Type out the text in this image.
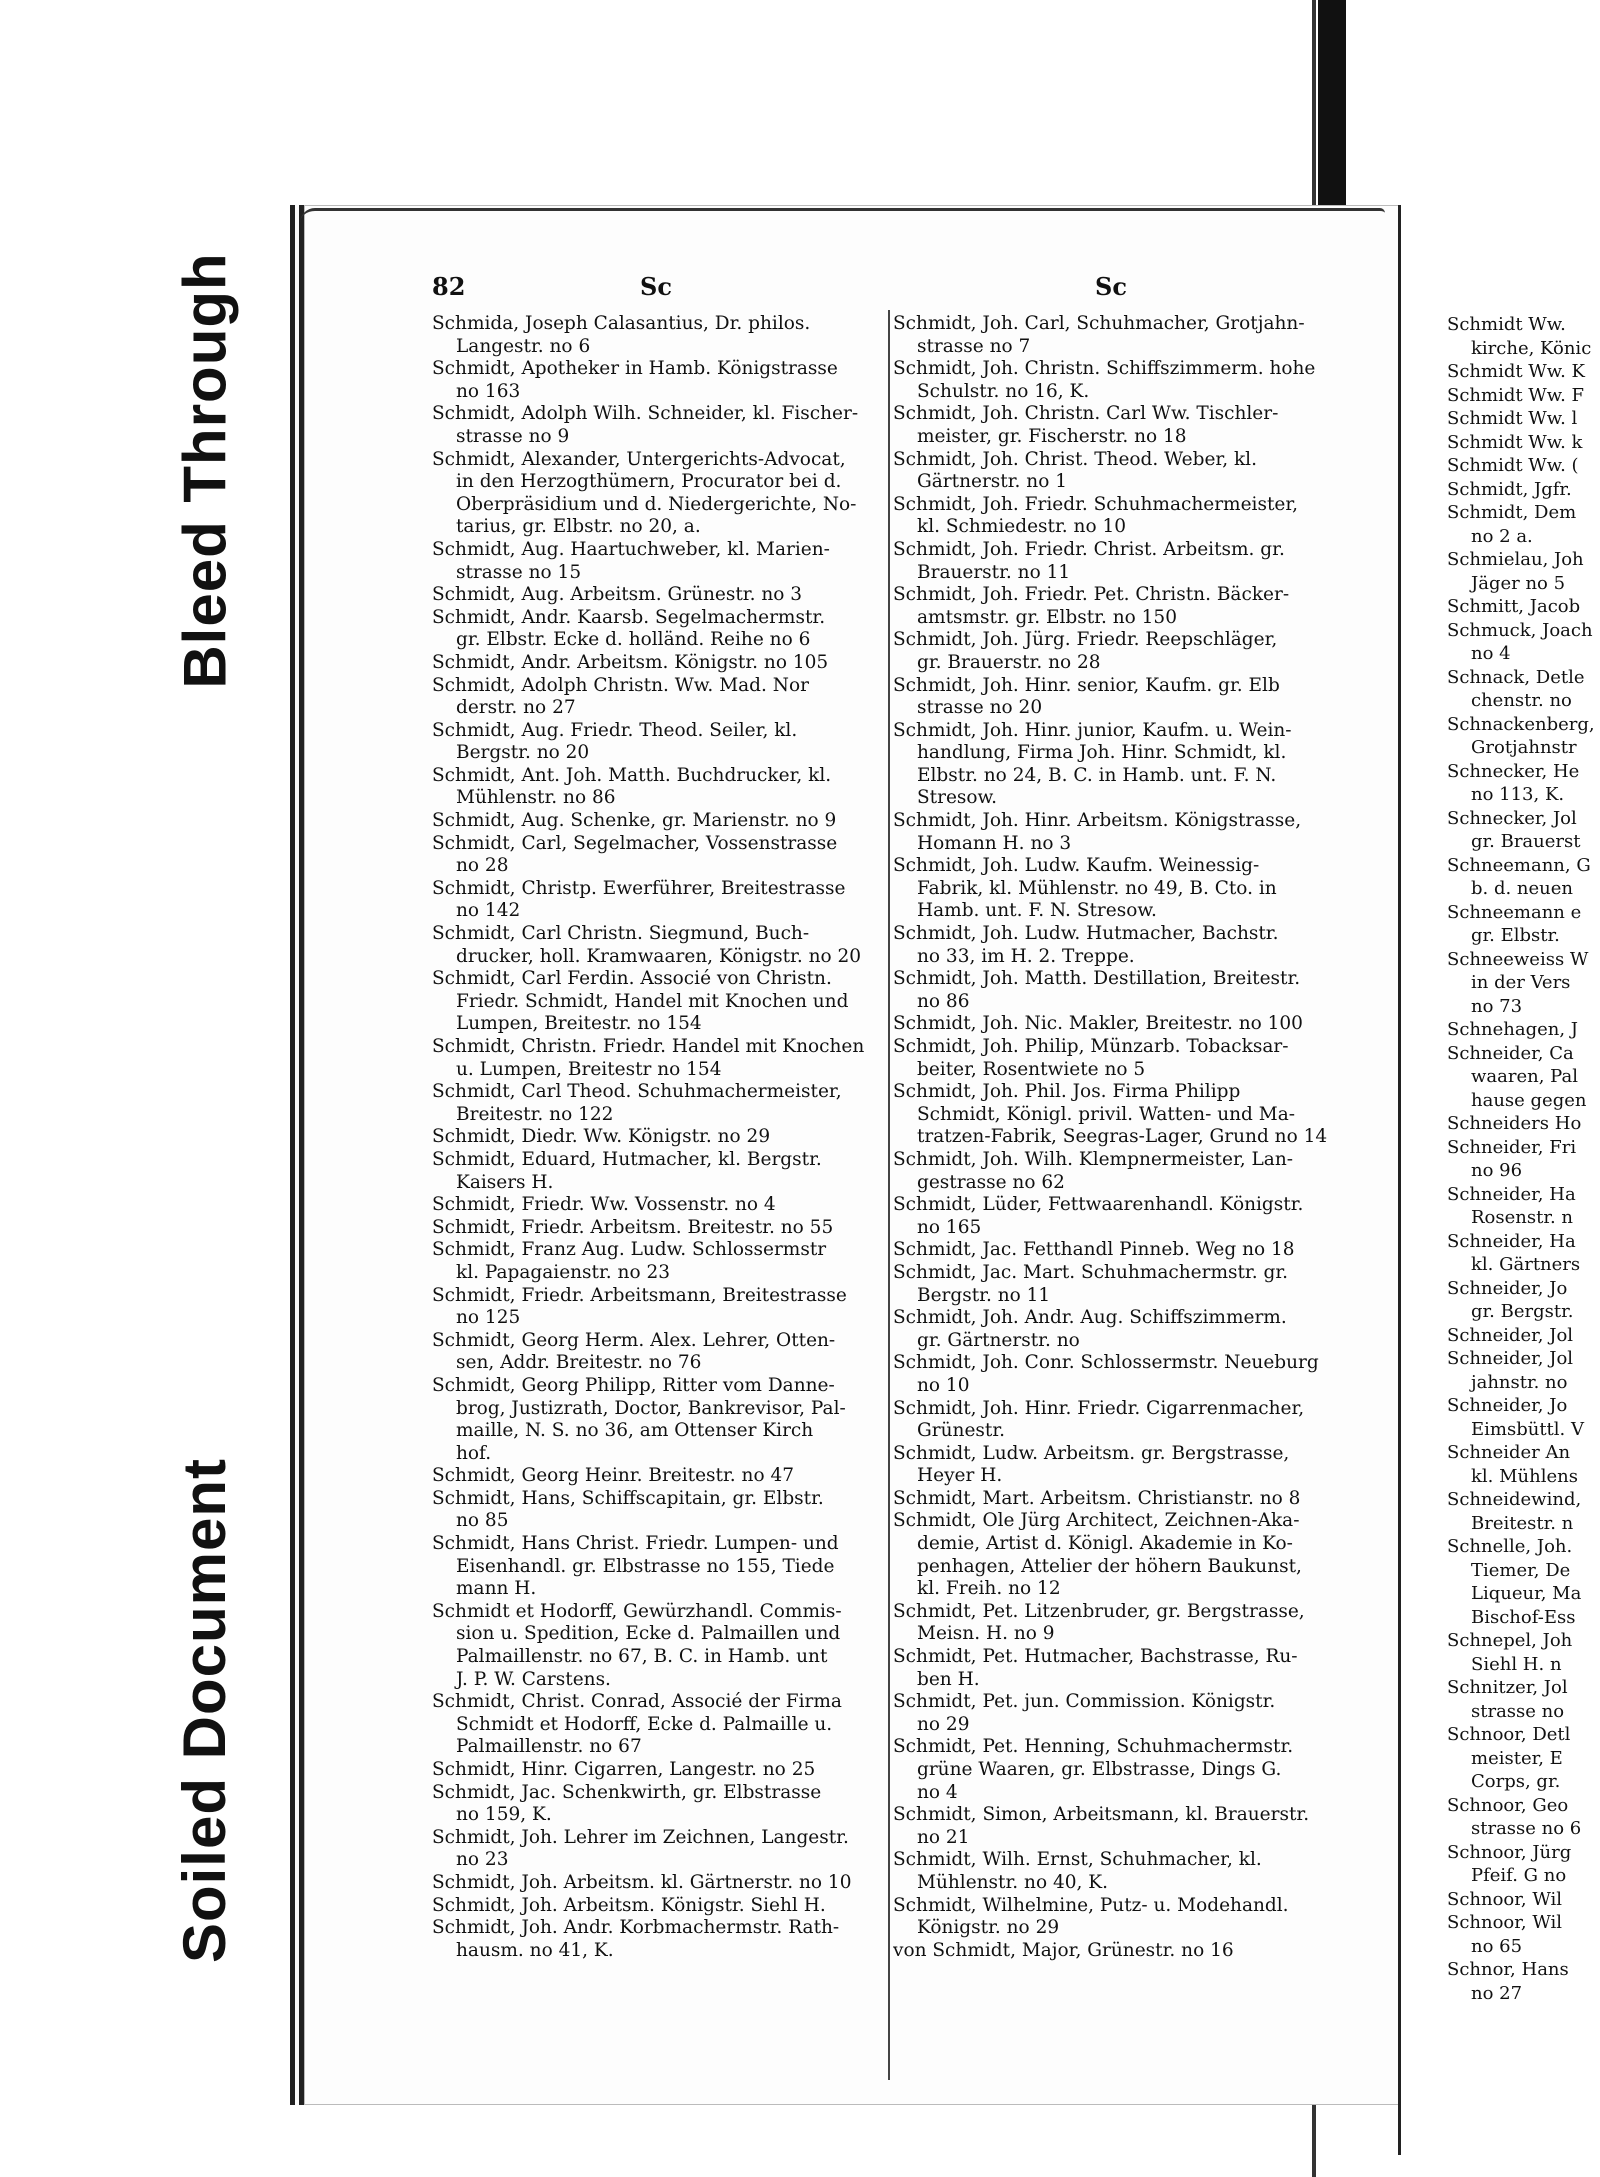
Bleed Through
Soiled Document
82	Sc	Sc
Schmida, Joseph Calasantius, Dr. philos.
Langestr. no 6
Schmidt, Apotheker in Hamb. Königstrasse
no 163
Schmidt, Adolph Wilh. Schneider, kl. Fischer-
strasse no 9
Schmidt, Alexander, Untergerichts-Advocat,
in den Herzogthümern, Procurator bei d.
Oberpräsidium und d. Niedergerichte, No-
tarius, gr. Elbstr. no 20, a.
Schmidt, Aug. Haartuchweber, kl. Marien-
strasse no 15
Schmidt, Aug. Arbeitsm. Grünestr. no 3
Schmidt, Andr. Kaarsb. Segelmachermstr.
gr. Elbstr. Ecke d. holländ. Reihe no 6
Schmidt, Andr. Arbeitsm. Königstr. no 105
Schmidt, Adolph Christn. Ww. Mad. Nor
derstr. no 27
Schmidt, Aug. Friedr. Theod. Seiler, kl.
Bergstr. no 20
Schmidt, Ant. Joh. Matth. Buchdrucker, kl.
Mühlenstr. no 86
Schmidt, Aug. Schenke, gr. Marienstr. no 9
Schmidt, Carl, Segelmacher, Vossenstrasse
no 28
Schmidt, Christp. Ewerführer, Breitestrasse
no 142
Schmidt, Carl Christn. Siegmund, Buch-
drucker, holl. Kramwaaren, Königstr. no 20
Schmidt, Carl Ferdin. Associé von Christn.
Friedr. Schmidt, Handel mit Knochen und
Lumpen, Breitestr. no 154
Schmidt, Christn. Friedr. Handel mit Knochen
u. Lumpen, Breitestr no 154
Schmidt, Carl Theod. Schuhmachermeister,
Breitestr. no 122
Schmidt, Diedr. Ww. Königstr. no 29
Schmidt, Eduard, Hutmacher, kl. Bergstr.
Kaisers H.
Schmidt, Friedr. Ww. Vossenstr. no 4
Schmidt, Friedr. Arbeitsm. Breitestr. no 55
Schmidt, Franz Aug. Ludw. Schlossermstr
kl. Papagaienstr. no 23
Schmidt, Friedr. Arbeitsmann, Breitestrasse
no 125
Schmidt, Georg Herm. Alex. Lehrer, Otten-
sen, Addr. Breitestr. no 76
Schmidt, Georg Philipp, Ritter vom Danne-
brog, Justizrath, Doctor, Bankrevisor, Pal-
maille, N. S. no 36, am Ottenser Kirch
hof.
Schmidt, Georg Heinr. Breitestr. no 47
Schmidt, Hans, Schiffscapitain, gr. Elbstr.
no 85
Schmidt, Hans Christ. Friedr. Lumpen- und
Eisenhandl. gr. Elbstrasse no 155, Tiede
mann H.
Schmidt et Hodorff, Gewürzhandl. Commis-
sion u. Spedition, Ecke d. Palmaillen und
Palmaillenstr. no 67, B. C. in Hamb. unt
J. P. W. Carstens.
Schmidt, Christ. Conrad, Associé der Firma
Schmidt et Hodorff, Ecke d. Palmaille u.
Palmaillenstr. no 67
Schmidt, Hinr. Cigarren, Langestr. no 25
Schmidt, Jac. Schenkwirth, gr. Elbstrasse
no 159, K.
Schmidt, Joh. Lehrer im Zeichnen, Langestr.
no 23
Schmidt, Joh. Arbeitsm. kl. Gärtnerstr. no 10
Schmidt, Joh. Arbeitsm. Königstr. Siehl H.
Schmidt, Joh. Andr. Korbmachermstr. Rath-
hausm. no 41, K.
Schmidt, Joh. Carl, Schuhmacher, Grotjahn-
strasse no 7
Schmidt, Joh. Christn. Schiffszimmerm. hohe
Schulstr. no 16, K.
Schmidt, Joh. Christn. Carl Ww. Tischler-
meister, gr. Fischerstr. no 18
Schmidt, Joh. Christ. Theod. Weber, kl.
Gärtnerstr. no 1
Schmidt, Joh. Friedr. Schuhmachermeister,
kl. Schmiedestr. no 10
Schmidt, Joh. Friedr. Christ. Arbeitsm. gr.
Brauerstr. no 11
Schmidt, Joh. Friedr. Pet. Christn. Bäcker-
amtsmstr. gr. Elbstr. no 150
Schmidt, Joh. Jürg. Friedr. Reepschläger,
gr. Brauerstr. no 28
Schmidt, Joh. Hinr. senior, Kaufm. gr. Elb
strasse no 20
Schmidt, Joh. Hinr. junior, Kaufm. u. Wein-
handlung, Firma Joh. Hinr. Schmidt, kl.
Elbstr. no 24, B. C. in Hamb. unt. F. N.
Stresow.
Schmidt, Joh. Hinr. Arbeitsm. Königstrasse,
Homann H. no 3
Schmidt, Joh. Ludw. Kaufm. Weinessig-
Fabrik, kl. Mühlenstr. no 49, B. Cto. in
Hamb. unt. F. N. Stresow.
Schmidt, Joh. Ludw. Hutmacher, Bachstr.
no 33, im H. 2. Treppe.
Schmidt, Joh. Matth. Destillation, Breitestr.
no 86
Schmidt, Joh. Nic. Makler, Breitestr. no 100
Schmidt, Joh. Philip, Münzarb. Tobacksar-
beiter, Rosentwiete no 5
Schmidt, Joh. Phil. Jos. Firma Philipp
Schmidt, Königl. privil. Watten- und Ma-
tratzen-Fabrik, Seegras-Lager, Grund no 14
Schmidt, Joh. Wilh. Klempnermeister, Lan-
gestrasse no 62
Schmidt, Lüder, Fettwaarenhandl. Königstr.
no 165
Schmidt, Jac. Fetthandl Pinneb. Weg no 18
Schmidt, Jac. Mart. Schuhmachermstr. gr.
Bergstr. no 11
Schmidt, Joh. Andr. Aug. Schiffszimmerm.
gr. Gärtnerstr. no
Schmidt, Joh. Conr. Schlossermstr. Neueburg
no 10
Schmidt, Joh. Hinr. Friedr. Cigarrenmacher,
Grünestr.
Schmidt, Ludw. Arbeitsm. gr. Bergstrasse,
Heyer H.
Schmidt, Mart. Arbeitsm. Christianstr. no 8
Schmidt, Ole Jürg Architect, Zeichnen-Aka-
demie, Artist d. Königl. Akademie in Ko-
penhagen, Attelier der höhern Baukunst,
kl. Freih. no 12
Schmidt, Pet. Litzenbruder, gr. Bergstrasse,
Meisn. H. no 9
Schmidt, Pet. Hutmacher, Bachstrasse, Ru-
ben H.
Schmidt, Pet. jun. Commission. Königstr.
no 29
Schmidt, Pet. Henning, Schuhmachermstr.
grüne Waaren, gr. Elbstrasse, Dings G.
no 4
Schmidt, Simon, Arbeitsmann, kl. Brauerstr.
no 21
Schmidt, Wilh. Ernst, Schuhmacher, kl.
Mühlenstr. no 40, K.
Schmidt, Wilhelmine, Putz- u. Modehandl.
Königstr. no 29
von Schmidt, Major, Grünestr. no 16
Schmidt Ww.
kirche, Könic
Schmidt Ww. K
Schmidt Ww. F
Schmidt Ww. l
Schmidt Ww. k
Schmidt Ww. (
Schmidt, Jgfr.
Schmidt, Dem
no 2 a.
Schmielau, Joh
Jäger no 5
Schmitt, Jacob
Schmuck, Joach
no 4
Schnack, Detle
chenstr. no
Schnackenberg,
Grotjahnstr
Schnecker, He
no 113, K.
Schnecker, Jol
gr. Brauerst
Schneemann, G
b. d. neuen
Schneemann e
gr. Elbstr.
Schneeweiss W
in der Vers
no 73
Schnehagen, J
Schneider, Ca
waaren, Pal
hause gegen
Schneiders Ho
Schneider, Fri
no 96
Schneider, Ha
Rosenstr. n
Schneider, Ha
kl. Gärtners
Schneider, Jo
gr. Bergstr.
Schneider, Jol
Schneider, Jol
jahnstr. no
Schneider, Jo
Eimsbüttl. V
Schneider An
kl. Mühlens
Schneidewind,
Breitestr. n
Schnelle, Joh.
Tiemer, De
Liqueur, Ma
Bischof-Ess
Schnepel, Joh
Siehl H. n
Schnitzer, Jol
strasse no
Schnoor, Detl
meister, E
Corps, gr.
Schnoor, Geo
strasse no 6
Schnoor, Jürg
Pfeif. G no
Schnoor, Wil
Schnoor, Wil
no 65
Schnor, Hans
no 27
